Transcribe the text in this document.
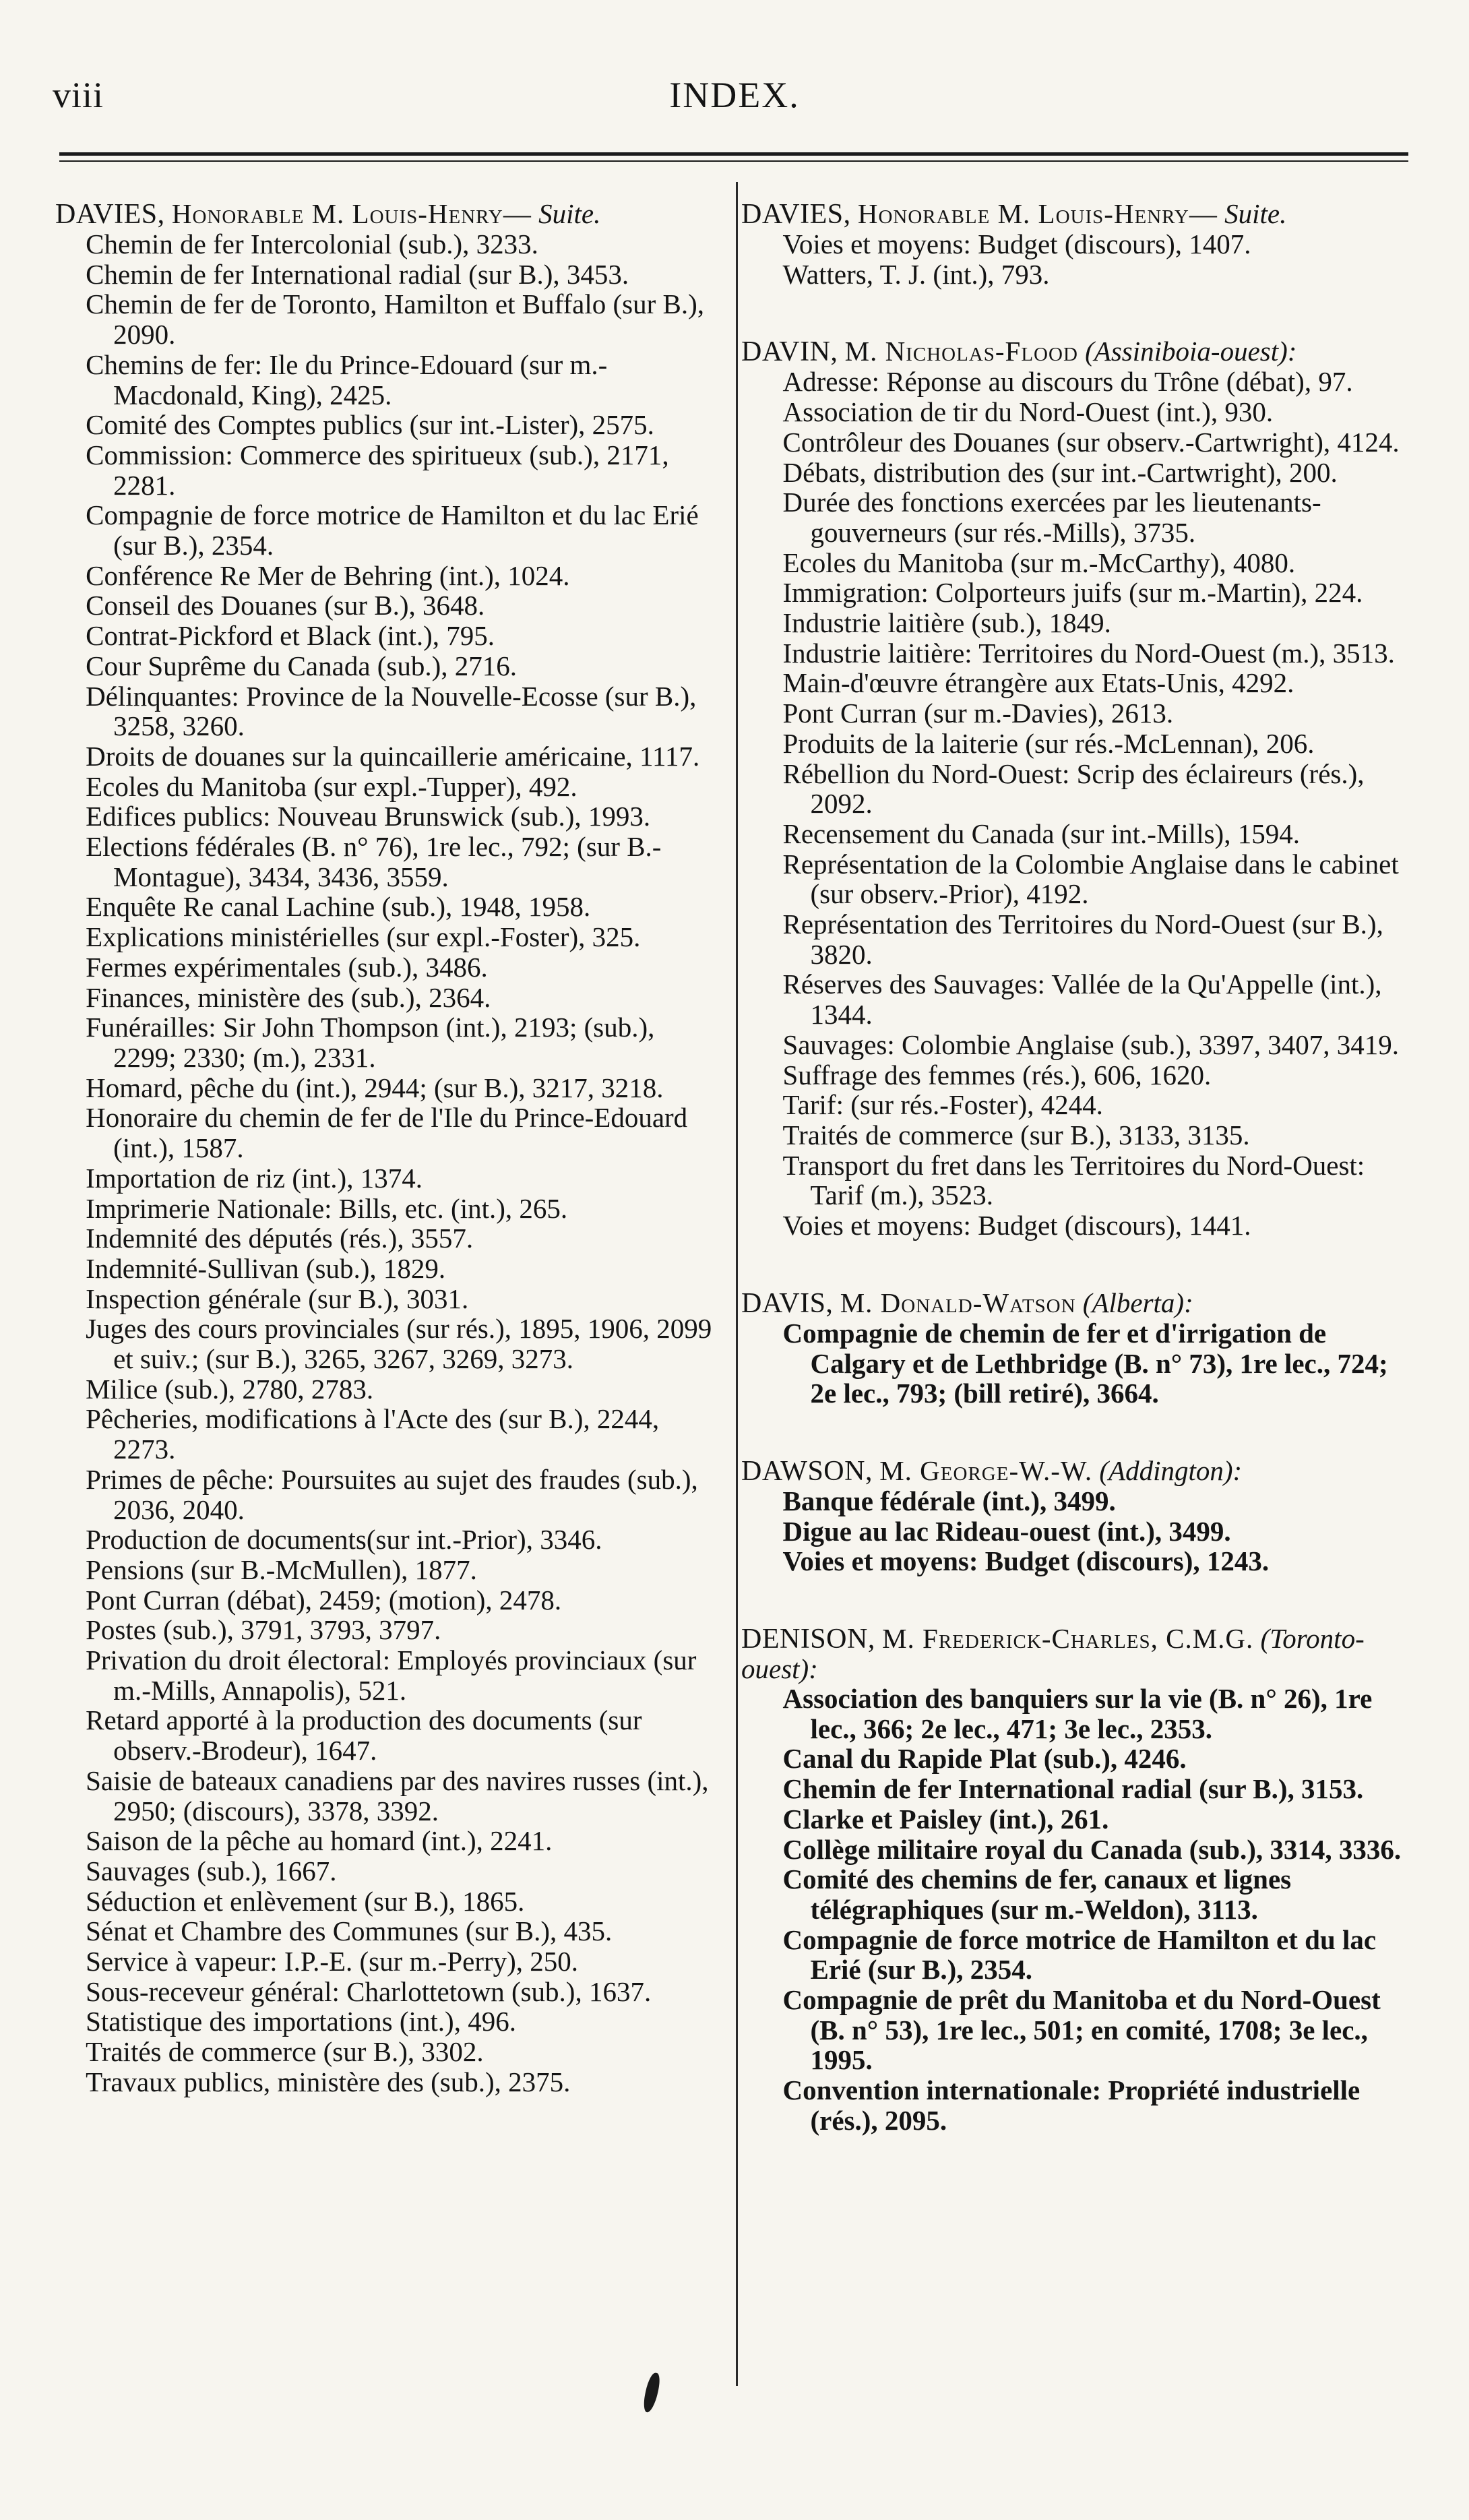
viii	INDEX.
DAVIES, Honorable M. Louis-Henry— Suite.

Chemin de fer Intercolonial (sub.), 3233.

Chemin de fer International radial (sur B.), 3453.

Chemin de fer de Toronto, Hamilton et Buffalo (sur B.), 2090.

Chemins de fer: Ile du Prince-Edouard (sur m.-Macdonald, King), 2425.

Comité des Comptes publics (sur int.-Lister), 2575.

Commission: Commerce des spiritueux (sub.), 2171, 2281.

Compagnie de force motrice de Hamilton et du lac Erié (sur B.), 2354.

Conférence Re Mer de Behring (int.), 1024.

Conseil des Douanes (sur B.), 3648.

Contrat-Pickford et Black (int.), 795.

Cour Suprême du Canada (sub.), 2716.

Délinquantes: Province de la Nouvelle-Ecosse (sur B.), 3258, 3260.

Droits de douanes sur la quincaillerie américaine, 1117.

Ecoles du Manitoba (sur expl.-Tupper), 492.

Edifices publics: Nouveau Brunswick (sub.), 1993.

Elections fédérales (B. n° 76), 1re lec., 792; (sur B.-Montague), 3434, 3436, 3559.

Enquête Re canal Lachine (sub.), 1948, 1958.

Explications ministérielles (sur expl.-Foster), 325.

Fermes expérimentales (sub.), 3486.

Finances, ministère des (sub.), 2364.

Funérailles: Sir John Thompson (int.), 2193; (sub.), 2299; 2330; (m.), 2331.

Homard, pêche du (int.), 2944; (sur B.), 3217, 3218.

Honoraire du chemin de fer de l'Ile du Prince-Edouard (int.), 1587.

Importation de riz (int.), 1374.

Imprimerie Nationale: Bills, etc. (int.), 265.

Indemnité des députés (rés.), 3557.

Indemnité-Sullivan (sub.), 1829.

Inspection générale (sur B.), 3031.

Juges des cours provinciales (sur rés.), 1895, 1906, 2099 et suiv.; (sur B.), 3265, 3267, 3269, 3273.

Milice (sub.), 2780, 2783.

Pêcheries, modifications à l'Acte des (sur B.), 2244, 2273.

Primes de pêche: Poursuites au sujet des fraudes (sub.), 2036, 2040.

Production de documents(sur int.-Prior), 3346.

Pensions (sur B.-McMullen), 1877.

Pont Curran (débat), 2459; (motion), 2478.

Postes (sub.), 3791, 3793, 3797.

Privation du droit électoral: Employés provinciaux (sur m.-Mills, Annapolis), 521.

Retard apporté à la production des documents (sur observ.-Brodeur), 1647.

Saisie de bateaux canadiens par des navires russes (int.), 2950; (discours), 3378, 3392.

Saison de la pêche au homard (int.), 2241.

Sauvages (sub.), 1667.

Séduction et enlèvement (sur B.), 1865.

Sénat et Chambre des Communes (sur B.), 435.

Service à vapeur: I.P.-E. (sur m.-Perry), 250.

Sous-receveur général: Charlottetown (sub.), 1637.

Statistique des importations (int.), 496.

Traités de commerce (sur B.), 3302.

Travaux publics, ministère des (sub.), 2375.

DAVIES, Honorable M. Louis-Henry— Suite.

Voies et moyens: Budget (discours), 1407.

Watters, T. J. (int.), 793.

DAVIN, M. Nicholas-Flood (Assiniboia-ouest):

Adresse: Réponse au discours du Trône (débat), 97.

Association de tir du Nord-Ouest (int.), 930.

Contrôleur des Douanes (sur observ.-Cartwright), 4124.

Débats, distribution des (sur int.-Cartwright), 200.

Durée des fonctions exercées par les lieutenants-gouverneurs (sur rés.-Mills), 3735.

Ecoles du Manitoba (sur m.-McCarthy), 4080.

Immigration: Colporteurs juifs (sur m.-Martin), 224.

Industrie laitière (sub.), 1849.

Industrie laitière: Territoires du Nord-Ouest (m.), 3513.

Main-d'œuvre étrangère aux Etats-Unis, 4292.

Pont Curran (sur m.-Davies), 2613.

Produits de la laiterie (sur rés.-McLennan), 206.

Rébellion du Nord-Ouest: Scrip des éclaireurs (rés.), 2092.

Recensement du Canada (sur int.-Mills), 1594.

Représentation de la Colombie Anglaise dans le cabinet (sur observ.-Prior), 4192.

Représentation des Territoires du Nord-Ouest (sur B.), 3820.

Réserves des Sauvages: Vallée de la Qu'Appelle (int.), 1344.

Sauvages: Colombie Anglaise (sub.), 3397, 3407, 3419.

Suffrage des femmes (rés.), 606, 1620.

Tarif: (sur rés.-Foster), 4244.

Traités de commerce (sur B.), 3133, 3135.

Transport du fret dans les Territoires du Nord-Ouest: Tarif (m.), 3523.

Voies et moyens: Budget (discours), 1441.

DAVIS, M. Donald-Watson (Alberta):

Compagnie de chemin de fer et d'irrigation de Calgary et de Lethbridge (B. n° 73), 1re lec., 724; 2e lec., 793; (bill retiré), 3664.

DAWSON, M. George-W.-W. (Addington):

Banque fédérale (int.), 3499.

Digue au lac Rideau-ouest (int.), 3499.

Voies et moyens: Budget (discours), 1243.

DENISON, M. Frederick-Charles, C.M.G. (Toronto-ouest):

Association des banquiers sur la vie (B. n° 26), 1re lec., 366; 2e lec., 471; 3e lec., 2353.

Canal du Rapide Plat (sub.), 4246.

Chemin de fer International radial (sur B.), 3153.

Clarke et Paisley (int.), 261.

Collège militaire royal du Canada (sub.), 3314, 3336.

Comité des chemins de fer, canaux et lignes télégraphiques (sur m.-Weldon), 3113.

Compagnie de force motrice de Hamilton et du lac Erié (sur B.), 2354.

Compagnie de prêt du Manitoba et du Nord-Ouest (B. n° 53), 1re lec., 501; en comité, 1708; 3e lec., 1995.

Convention internationale: Propriété industrielle (rés.), 2095.
